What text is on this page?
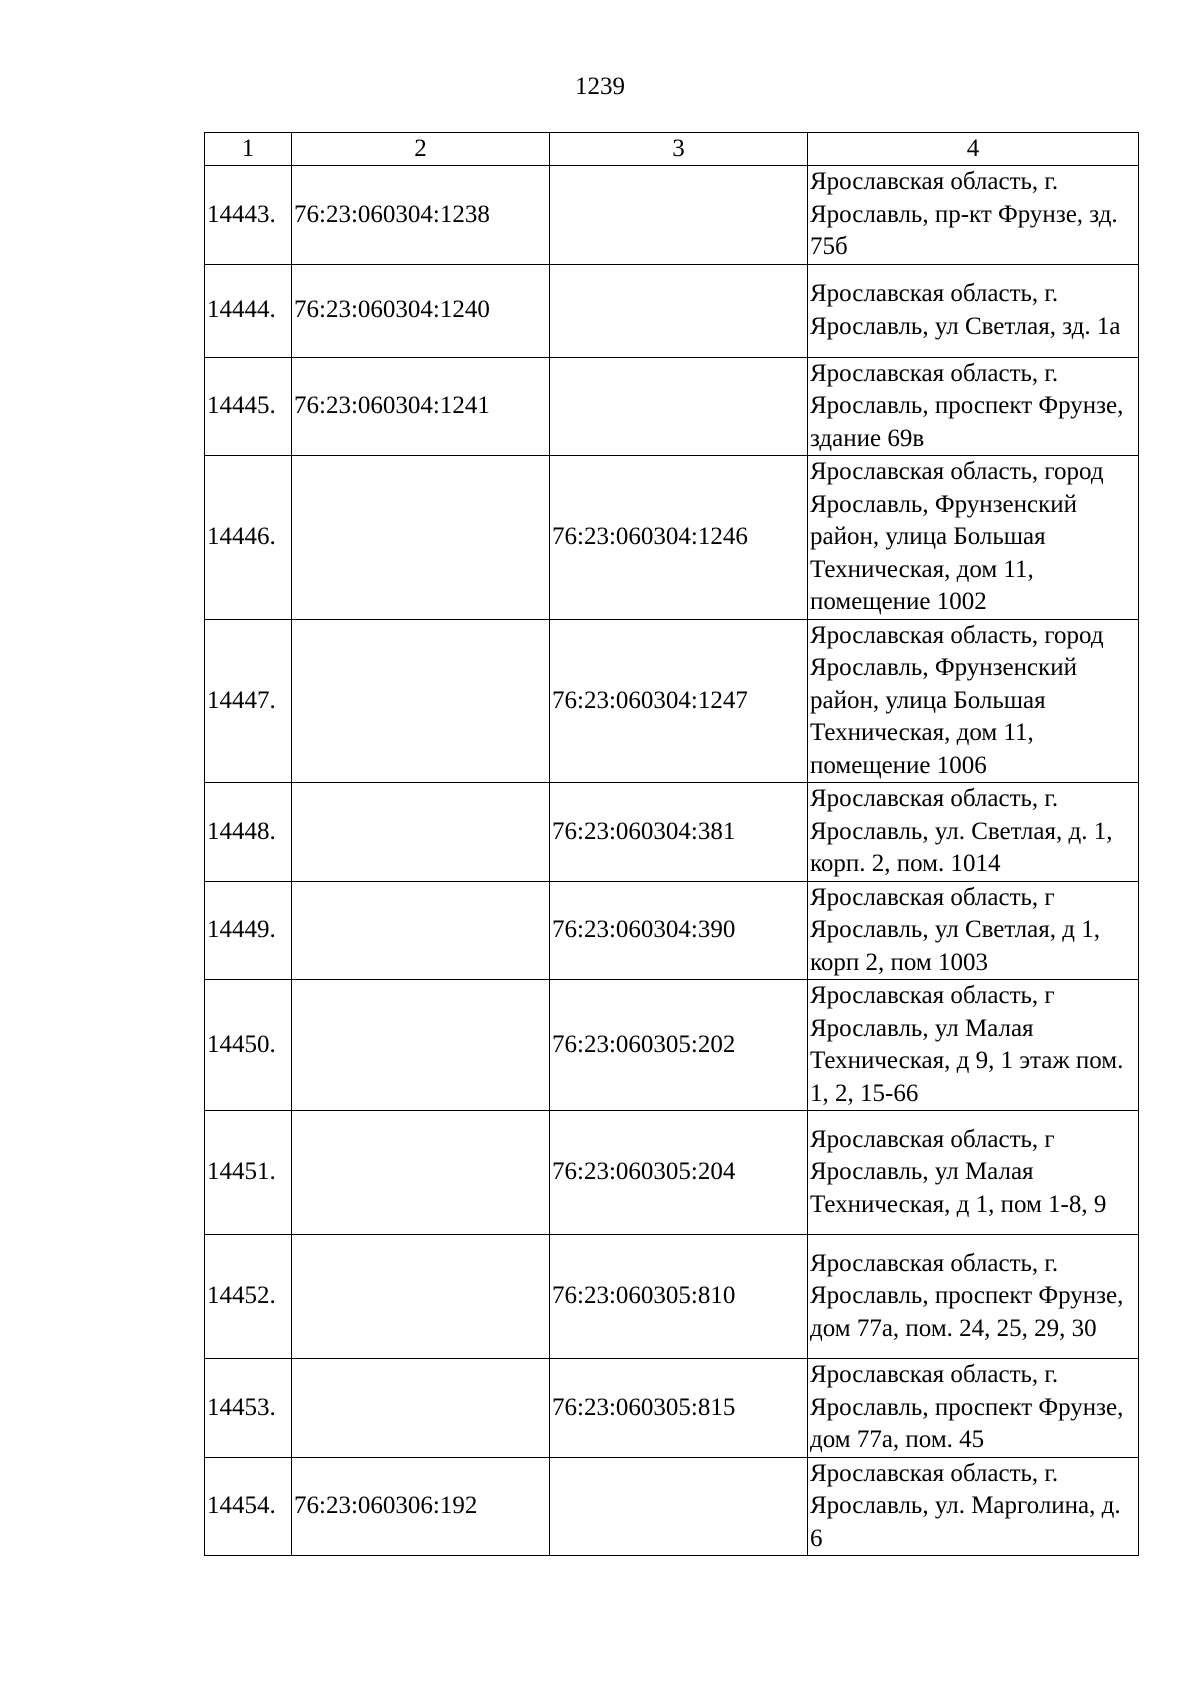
1239
1	2	3	4
14443.	76:23:060304:1238		Ярославская область, г. Ярославль, пр-кт Фрунзе, зд. 75б
14444.	76:23:060304:1240		Ярославская область, г. Ярославль, ул Светлая, зд. 1а
14445.	76:23:060304:1241		Ярославская область, г. Ярославль, проспект Фрунзе, здание 69в
14446.		76:23:060304:1246	Ярославская область, город Ярославль, Фрунзенский район, улица Большая Техническая, дом 11, помещение 1002
14447.		76:23:060304:1247	Ярославская область, город Ярославль, Фрунзенский район, улица Большая Техническая, дом 11, помещение 1006
14448.		76:23:060304:381	Ярославская область, г. Ярославль, ул. Светлая, д. 1, корп. 2, пом. 1014
14449.		76:23:060304:390	Ярославская область, г Ярославль, ул Светлая, д 1, корп 2, пом 1003
14450.		76:23:060305:202	Ярославская область, г Ярославль, ул Малая Техническая, д 9, 1 этаж пом. 1, 2, 15-66
14451.		76:23:060305:204	Ярославская область, г Ярославль, ул Малая Техническая, д 1, пом 1-8, 9
14452.		76:23:060305:810	Ярославская область, г. Ярославль, проспект Фрунзе, дом 77а, пом. 24, 25, 29, 30
14453.		76:23:060305:815	Ярославская область, г. Ярославль, проспект Фрунзе, дом 77а, пом. 45
14454.	76:23:060306:192		Ярославская область, г. Ярославль, ул. Марголина, д. 6
